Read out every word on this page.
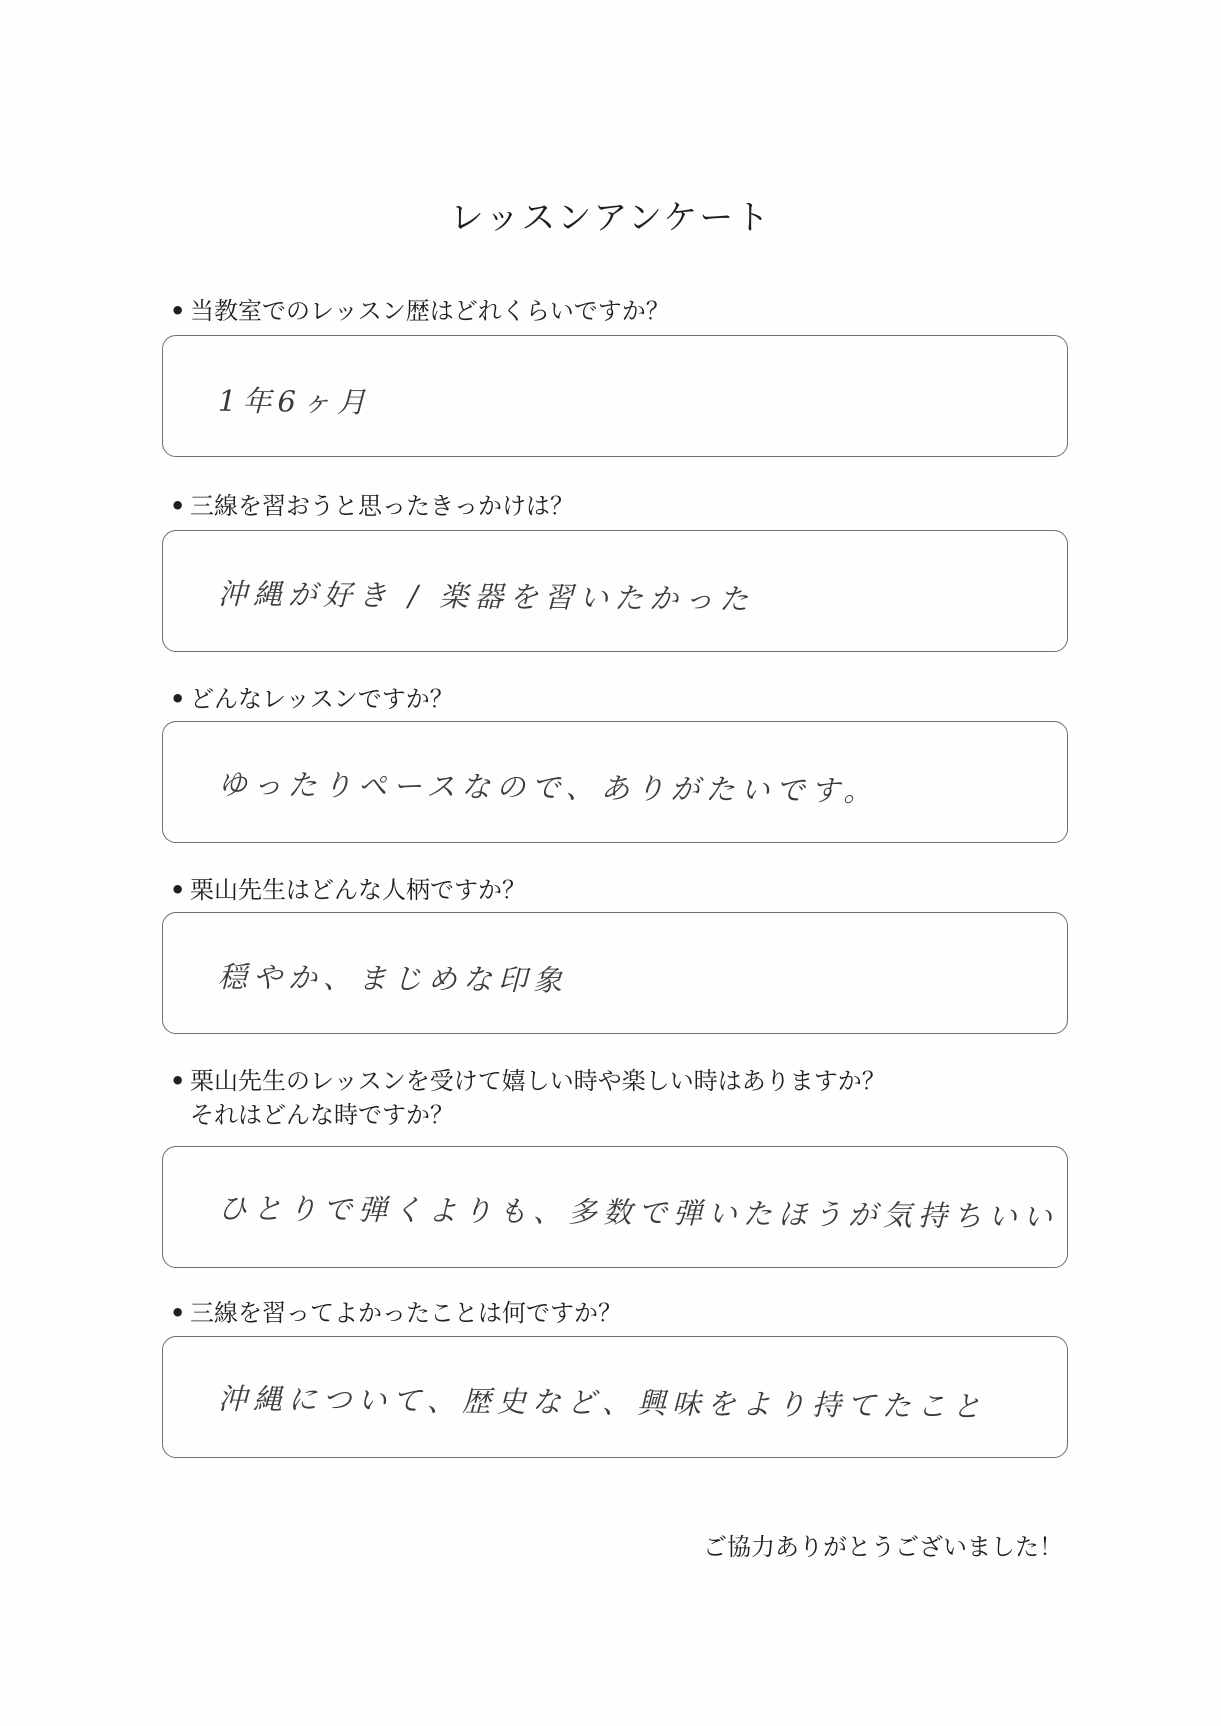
レッスンアンケート
• 当教室でのレッスン歴はどれくらいですか？
1年6ヶ月
• 三線を習おうと思ったきっかけは？
沖縄が好き / 楽器を習いたかった
• どんなレッスンですか？
ゆったりペースなので、ありがたいです。
• 栗山先生はどんな人柄ですか？
穏やか、まじめな印象
• 栗山先生のレッスンを受けて嬉しい時や楽しい時はありますか？
それはどんな時ですか？
ひとりで弾くよりも、多数で弾いたほうが気持ちいい
• 三線を習ってよかったことは何ですか？
沖縄について、歴史など、興味をより持てたこと
ご協力ありがとうございました！
